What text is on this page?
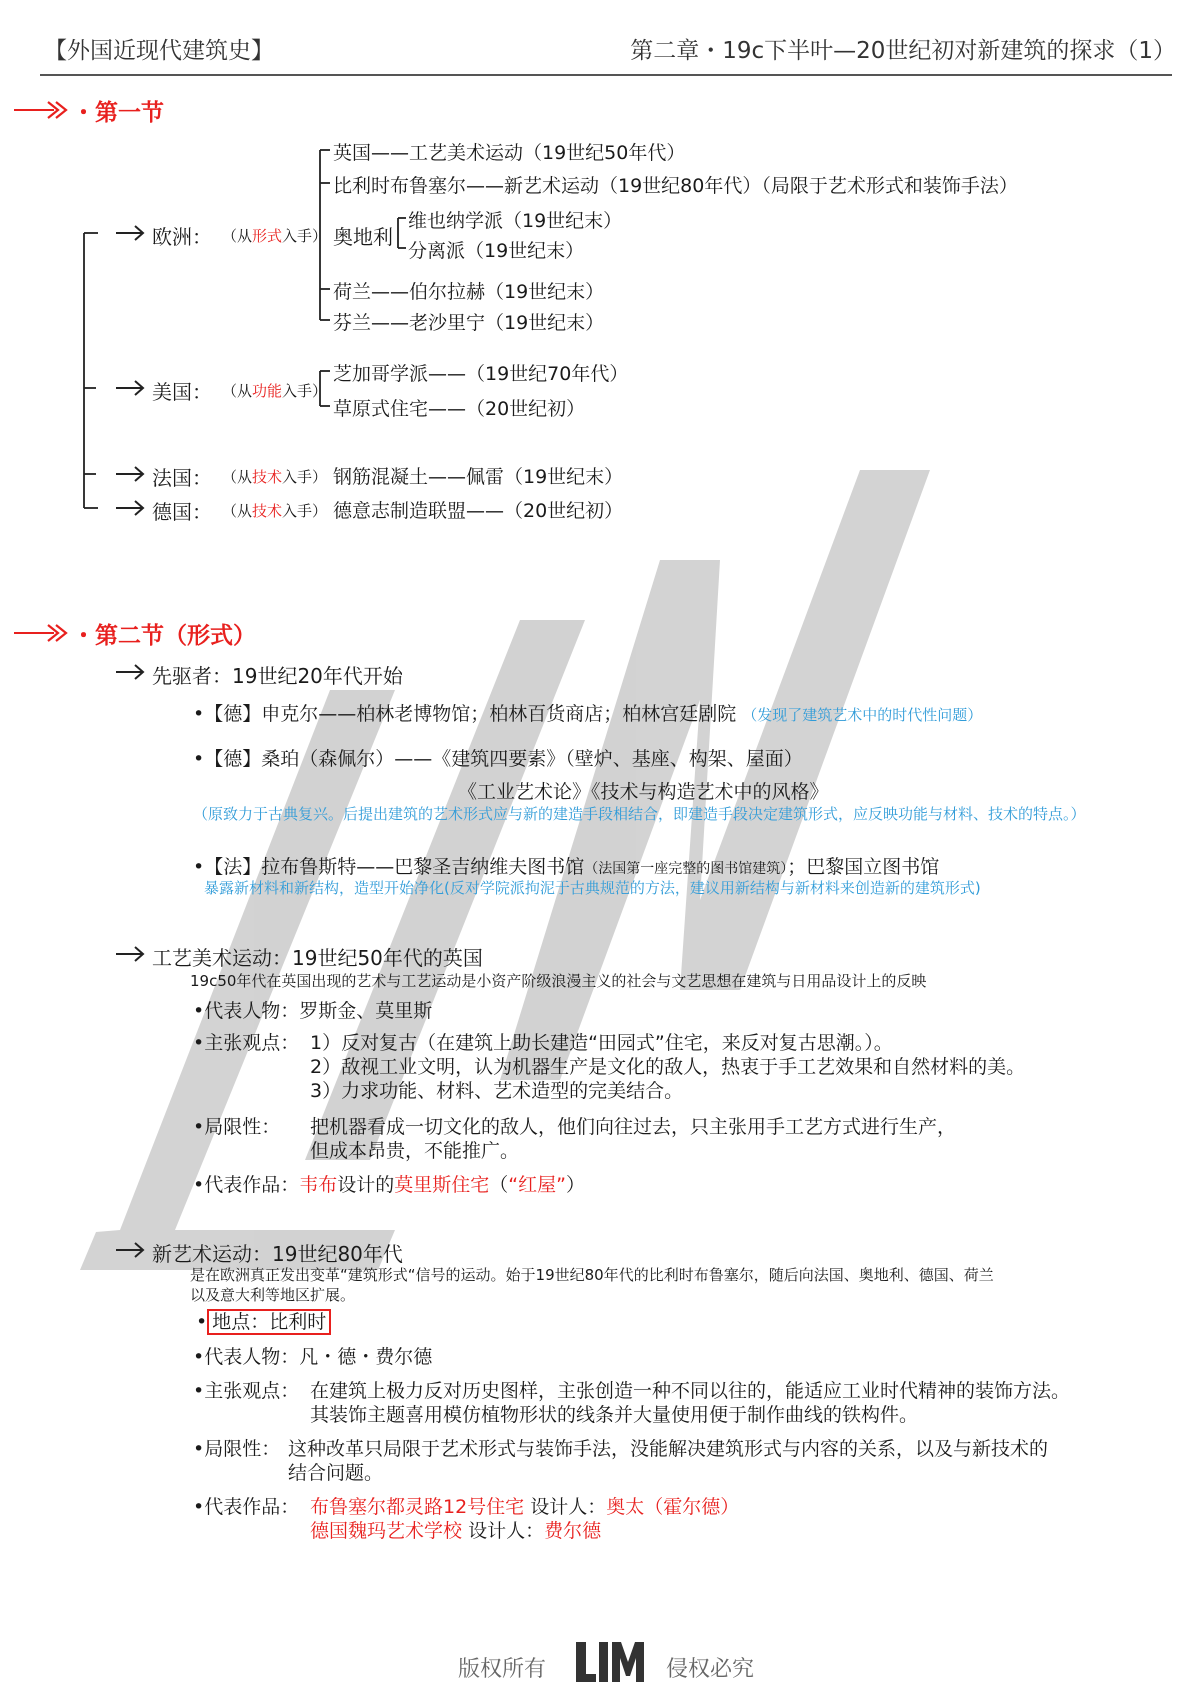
【外国近现代建筑史】	第二章・19c下半叶—20世纪初对新建筑的探求（1）
・第一节
欧洲： （从形式入手）
英国——工艺美术运动（19世纪50年代）
比利时布鲁塞尔——新艺术运动（19世纪80年代）（局限于艺术形式和装饰手法）
奥地利
维也纳学派（19世纪末）
分离派（19世纪末）
荷兰——伯尔拉赫（19世纪末）
芬兰——老沙里宁（19世纪末）
美国： （从功能入手）
芝加哥学派——（19世纪70年代）
草原式住宅——（20世纪初）
法国： （从技术入手） 钢筋混凝土——佩雷（19世纪末）
德国： （从技术入手） 德意志制造联盟——（20世纪初）
・第二节（形式）
先驱者：19世纪20年代开始
•【德】申克尔——柏林老博物馆；柏林百货商店；柏林宫廷剧院 （发现了建筑艺术中的时代性问题）
•【德】桑珀（森佩尔）——《建筑四要素》（壁炉、基座、构架、屋面）
《工业艺术论》《技术与构造艺术中的风格》
（原致力于古典复兴。后提出建筑的艺术形式应与新的建造手段相结合，即建造手段决定建筑形式，应反映功能与材料、技术的特点。）
•【法】拉布鲁斯特——巴黎圣吉纳维夫图书馆（法国第一座完整的图书馆建筑）；巴黎国立图书馆
暴露新材料和新结构，造型开始净化(反对学院派拘泥于古典规范的方法，建议用新结构与新材料来创造新的建筑形式)
工艺美术运动：19世纪50年代的英国
19c50年代在英国出现的艺术与工艺运动是小资产阶级浪漫主义的社会与文艺思想在建筑与日用品设计上的反映
•代表人物：罗斯金、莫里斯
•主张观点： 1）反对复古（在建筑上助长建造“田园式”住宅，来反对复古思潮。）。
2）敌视工业文明，认为机器生产是文化的敌人，热衷于手工艺效果和自然材料的美。
3）力求功能、材料、艺术造型的完美结合。
•局限性： 把机器看成一切文化的敌人，他们向往过去，只主张用手工艺方式进行生产，
但成本昂贵，不能推广。
•代表作品：韦布设计的莫里斯住宅（“红屋”）
新艺术运动：19世纪80年代
是在欧洲真正发出变革“建筑形式“信号的运动。始于19世纪80年代的比利时布鲁塞尔，随后向法国、奥地利、德国、荷兰
以及意大利等地区扩展。
• 地点：比利时
•代表人物：凡・德・费尔德
•主张观点： 在建筑上极力反对历史图样，主张创造一种不同以往的，能适应工业时代精神的装饰方法。
其装饰主题喜用模仿植物形状的线条并大量使用便于制作曲线的铁构件。
•局限性： 这种改革只局限于艺术形式与装饰手法，没能解决建筑形式与内容的关系，以及与新技术的
结合问题。
•代表作品： 布鲁塞尔都灵路12号住宅 设计人：奥太（霍尔德）
德国魏玛艺术学校 设计人：费尔德
版权所有	侵权必究
